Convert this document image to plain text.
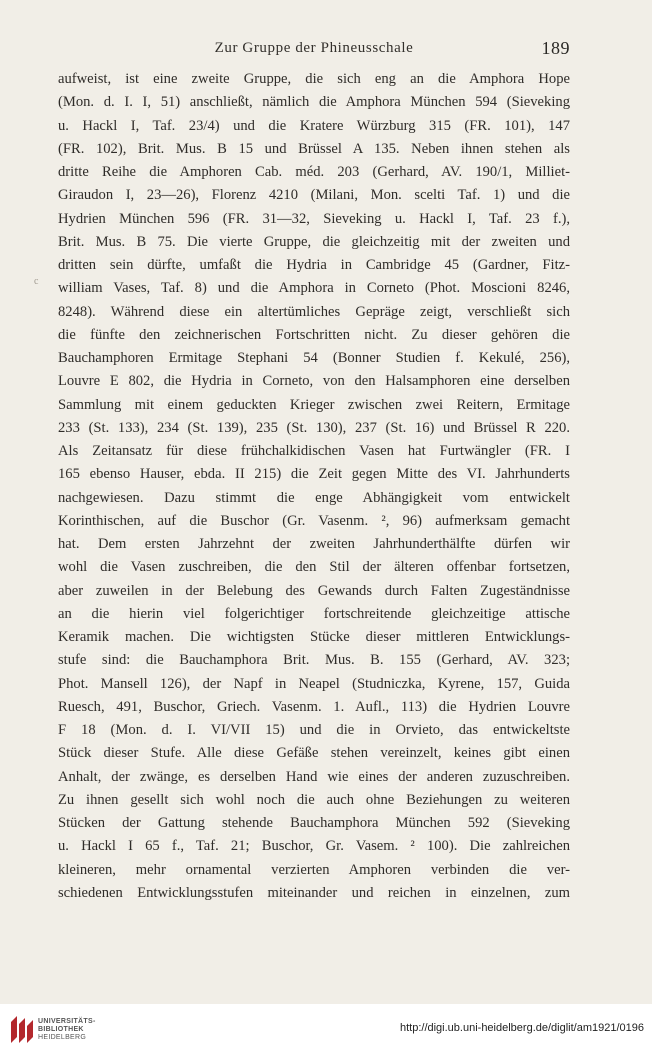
Zur Gruppe der Phineusschale	189
c
aufweist, ist eine zweite Gruppe, die sich eng an die Amphora Hope
(Mon. d. I. I, 51) anschließt, nämlich die Amphora München 594 (Sieveking
u. Hackl I, Taf. 23/4) und die Kratere Würzburg 315 (FR. 101), 147
(FR. 102), Brit. Mus. B 15 und Brüssel A 135. Neben ihnen stehen als
dritte Reihe die Amphoren Cab. méd. 203 (Gerhard, AV. 190/1, Milliet-
Giraudon I, 23—26), Florenz 4210 (Milani, Mon. scelti Taf. 1) und die
Hydrien München 596 (FR. 31—32, Sieveking u. Hackl I, Taf. 23 f.),
Brit. Mus. B 75. Die vierte Gruppe, die gleichzeitig mit der zweiten und
dritten sein dürfte, umfaßt die Hydria in Cambridge 45 (Gardner, Fitz-
william Vases, Taf. 8) und die Amphora in Corneto (Phot. Moscioni 8246,
8248). Während diese ein altertümliches Gepräge zeigt, verschließt sich
die fünfte den zeichnerischen Fortschritten nicht. Zu dieser gehören die
Bauchamphoren Ermitage Stephani 54 (Bonner Studien f. Kekulé, 256),
Louvre E 802, die Hydria in Corneto, von den Halsamphoren eine derselben
Sammlung mit einem geduckten Krieger zwischen zwei Reitern, Ermitage
233 (St. 133), 234 (St. 139), 235 (St. 130), 237 (St. 16) und Brüssel R 220.
Als Zeitansatz für diese frühchalkidischen Vasen hat Furtwängler (FR. I
165 ebenso Hauser, ebda. II 215) die Zeit gegen Mitte des VI. Jahrhunderts
nachgewiesen. Dazu stimmt die enge Abhängigkeit vom entwickelt
Korinthischen, auf die Buschor (Gr. Vasenm. ², 96) aufmerksam gemacht
hat. Dem ersten Jahrzehnt der zweiten Jahrhunderthälfte dürfen wir
wohl die Vasen zuschreiben, die den Stil der älteren offenbar fortsetzen,
aber zuweilen in der Belebung des Gewands durch Falten Zugeständnisse
an die hierin viel folgerichtiger fortschreitende gleichzeitige attische
Keramik machen. Die wichtigsten Stücke dieser mittleren Entwicklungs-
stufe sind: die Bauchamphora Brit. Mus. B. 155 (Gerhard, AV. 323;
Phot. Mansell 126), der Napf in Neapel (Studniczka, Kyrene, 157, Guida
Ruesch, 491, Buschor, Griech. Vasenm. 1. Aufl., 113) die Hydrien Louvre
F 18 (Mon. d. I. VI/VII 15) und die in Orvieto, das entwickeltste
Stück dieser Stufe. Alle diese Gefäße stehen vereinzelt, keines gibt einen
Anhalt, der zwänge, es derselben Hand wie eines der anderen zuzuschreiben.
Zu ihnen gesellt sich wohl noch die auch ohne Beziehungen zu weiteren
Stücken der Gattung stehende Bauchamphora München 592 (Sieveking
u. Hackl I 65 f., Taf. 21; Buschor, Gr. Vasem. ² 100). Die zahlreichen
kleineren, mehr ornamental verzierten Amphoren verbinden die ver-
schiedenen Entwicklungsstufen miteinander und reichen in einzelnen, zum
UNIVERSITÄTS-
BIBLIOTHEK
HEIDELBERG
http://digi.ub.uni-heidelberg.de/diglit/am1921/0196
